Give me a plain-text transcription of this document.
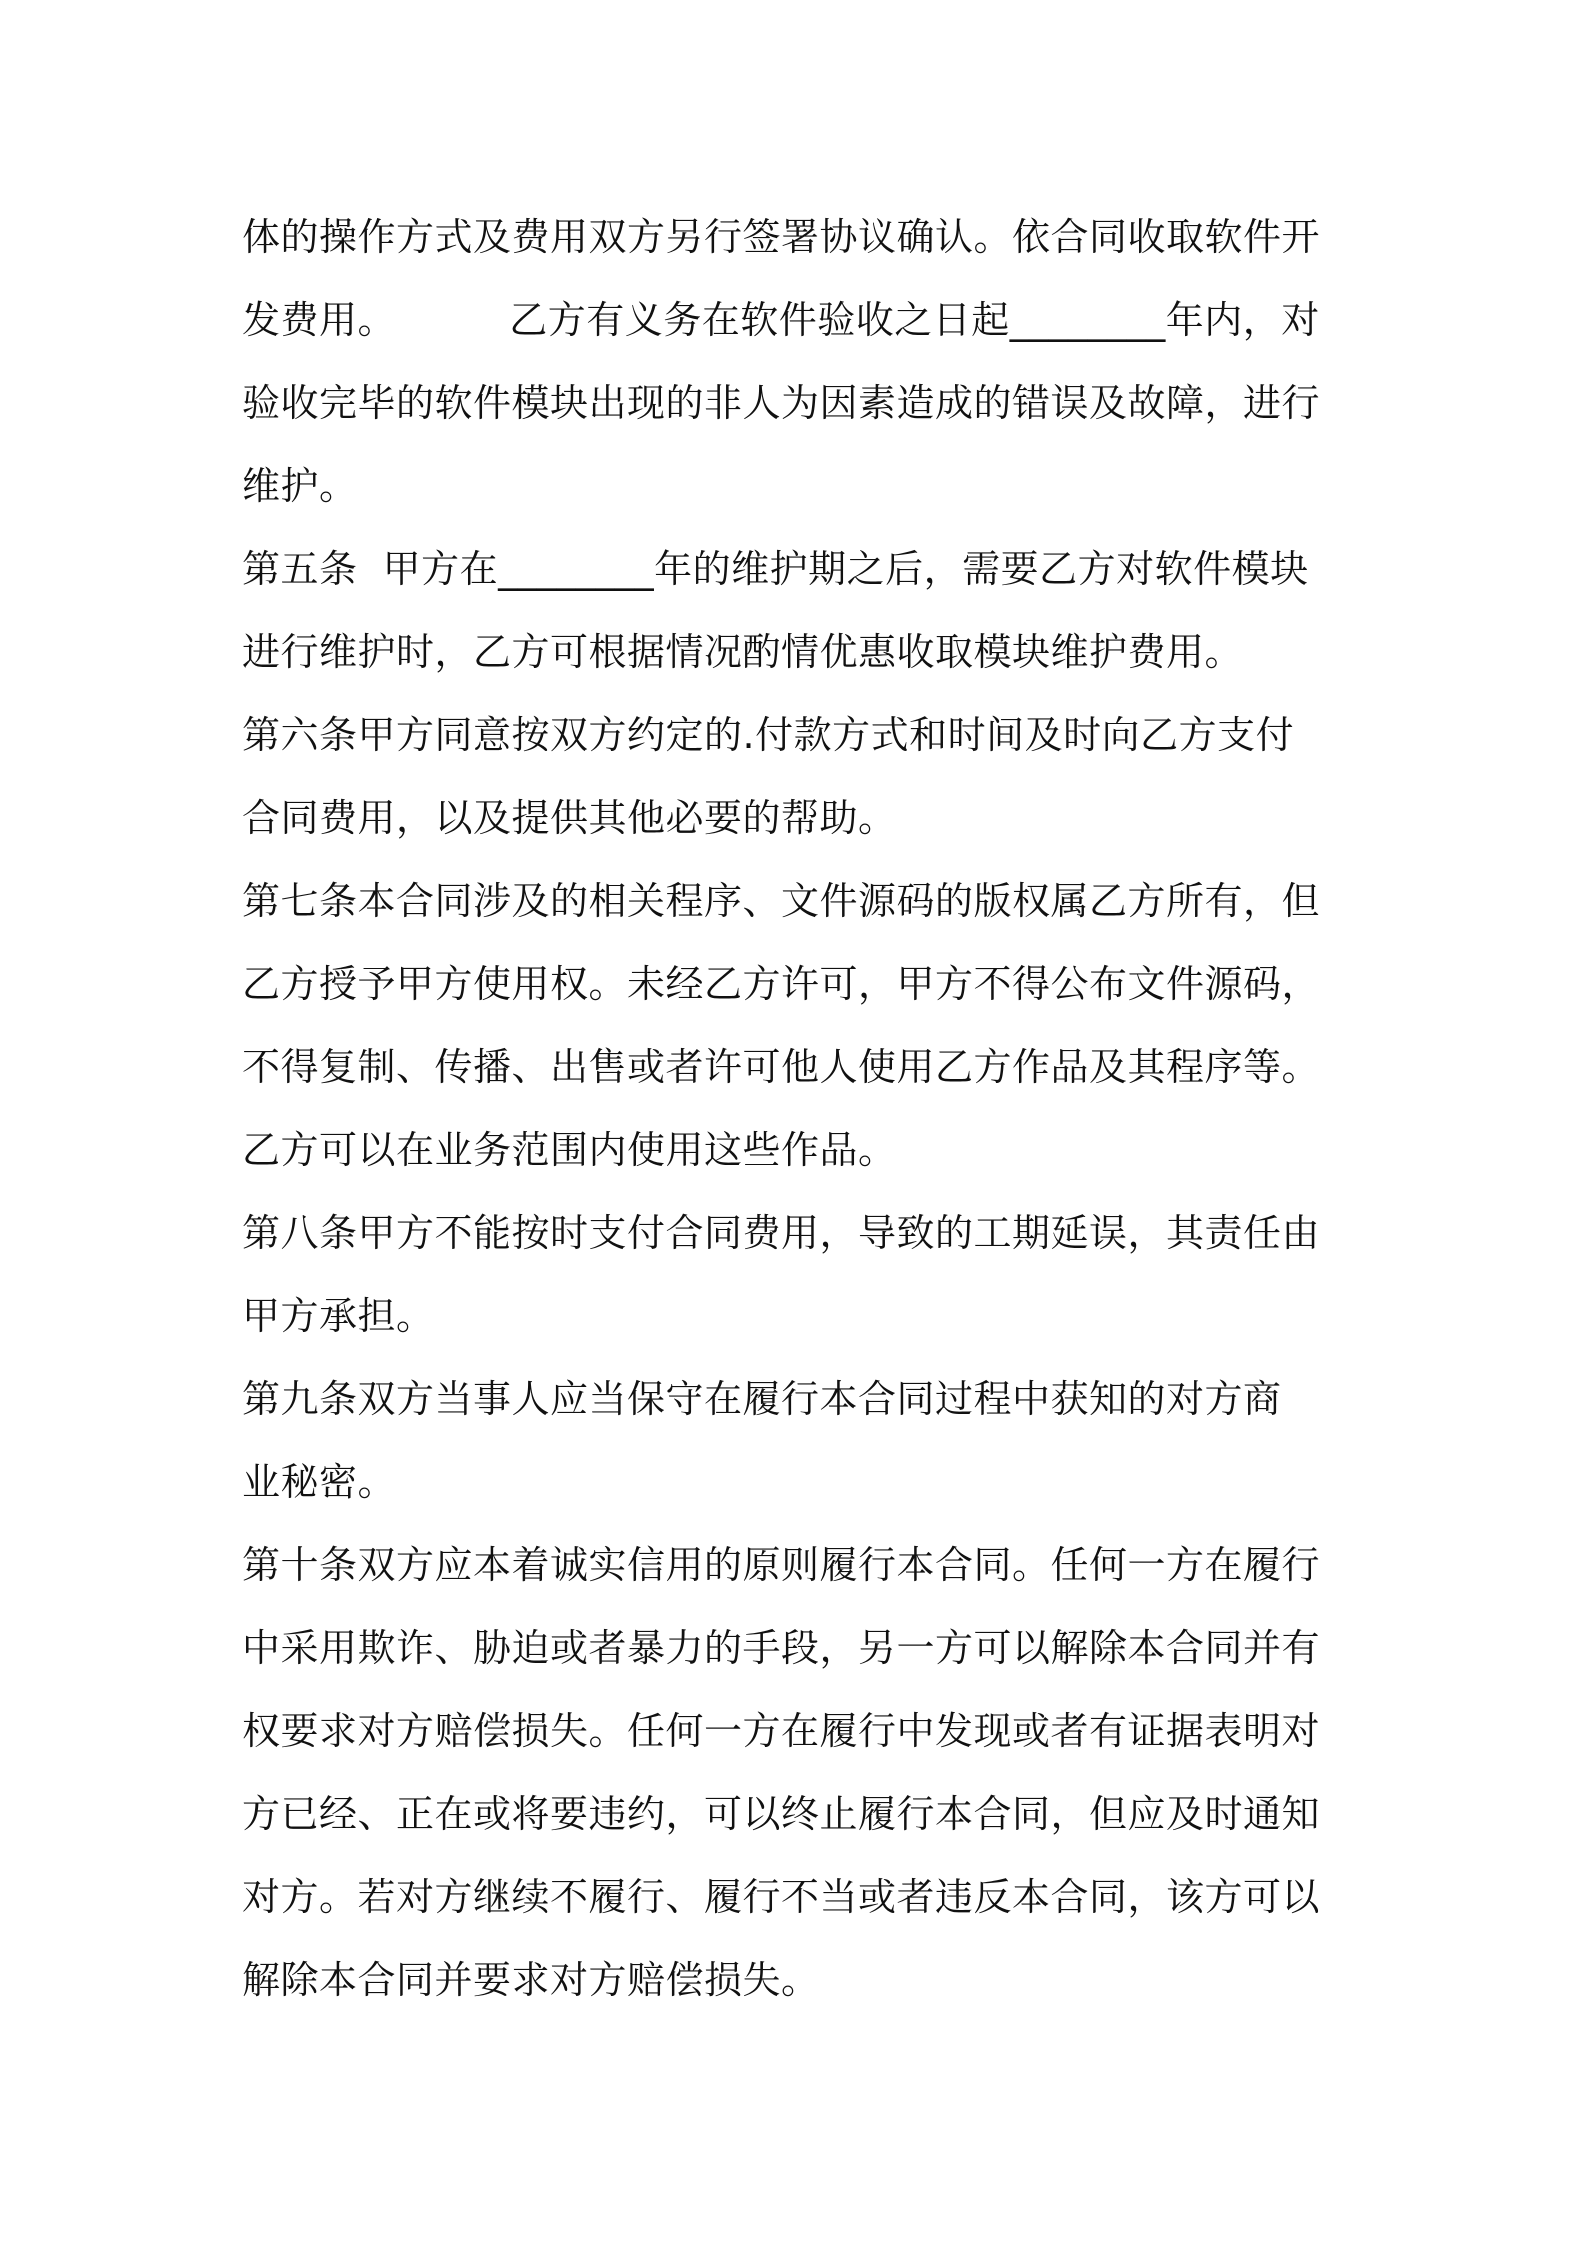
体的操作方式及费用双方另行签署协议确认。依合同收取软件开
发费用。         乙方有义务在软件验收之日起________年内，对
验收完毕的软件模块出现的非人为因素造成的错误及故障，进行
维护。
第五条  甲方在________年的维护期之后，需要乙方对软件模块
进行维护时，乙方可根据情况酌情优惠收取模块维护费用。
第六条甲方同意按双方约定的.付款方式和时间及时向乙方支付
合同费用，以及提供其他必要的帮助。
第七条本合同涉及的相关程序、文件源码的版权属乙方所有，但
乙方授予甲方使用权。未经乙方许可，甲方不得公布文件源码，
不得复制、传播、出售或者许可他人使用乙方作品及其程序等。
乙方可以在业务范围内使用这些作品。
第八条甲方不能按时支付合同费用，导致的工期延误，其责任由
甲方承担。
第九条双方当事人应当保守在履行本合同过程中获知的对方商
业秘密。
第十条双方应本着诚实信用的原则履行本合同。任何一方在履行
中采用欺诈、胁迫或者暴力的手段，另一方可以解除本合同并有
权要求对方赔偿损失。任何一方在履行中发现或者有证据表明对
方已经、正在或将要违约，可以终止履行本合同，但应及时通知
对方。若对方继续不履行、履行不当或者违反本合同，该方可以
解除本合同并要求对方赔偿损失。
